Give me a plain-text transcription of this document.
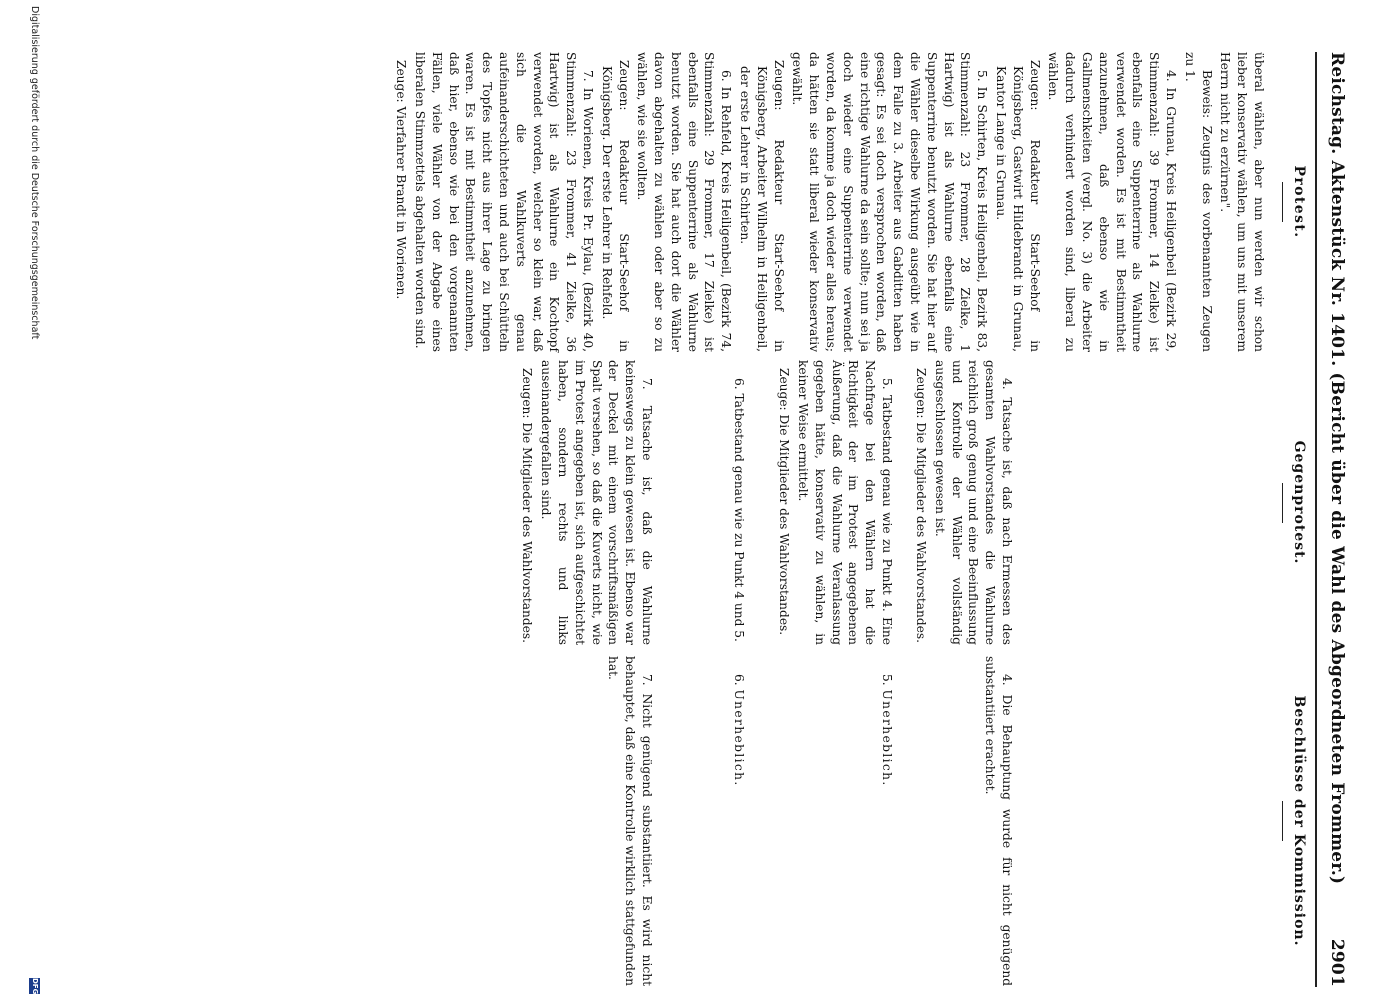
Reichstag. Aktenstück Nr. 1401. (Bericht über die Wahl des Abgeordneten Frommer.)
2901
Protest.
Gegenprotest.
Beschlüsse der Kommission.

überal wählen, aber nun werden wir schon lieber konservativ wählen, um uns mit unserem Herrn nicht zu erzürnen".

Beweis: Zeugnis des vorbenannten Zeugen zu 1.

4. In Grunau, Kreis Heiligenbeil (Bezirk 29, Stimmenzahl: 39 Frommer, 14 Zielke) ist ebenfalls eine Suppenterrine als Wahlurne verwendet worden. Es ist mit Bestimmtheit anzunehmen, daß ebenso wie in Gallmenschkeiten (vergl. No. 3) die Arbeiter dadurch verhindert worden sind, liberal zu wählen.

Zeugen: Redakteur Start-Seehof in Königsberg, Gastwirt Hildebrandt in Grunau, Kantor Lange in Grunau.

5. In Schirten, Kreis Heiligenbeil, Bezirk 83, Stimmenzahl: 23 Frommer, 28 Zielke, 1 Hartwig) ist als Wahlurne ebenfalls eine Suppenterrine benutzt worden. Sie hat hier auf die Wähler dieselbe Wirkung ausgeübt wie in dem Falle zu 3. Arbeiter aus Gabditten haben gesagt: Es sei doch versprochen worden, daß eine richtige Wahlurne da sein sollte; nun sei ja doch wieder eine Suppenterrine verwendet worden, da komme ja doch wieder alles heraus; da hätten sie statt liberal wieder konservativ gewählt.

Zeugen: Redakteur Start-Seehof in Königsberg, Arbeiter Wilhelm in Heiligenbeil, der erste Lehrer in Schirten.

6. In Rehfeld, Kreis Heiligenbeil, (Bezirk 74, Stimmenzahl: 29 Frommer, 17 Zielke) ist ebenfalls eine Suppenterrine als Wahlurne benutzt worden. Sie hat auch dort die Wähler davon abgehalten zu wählen oder aber so zu wählen, wie sie wollten.

Zeugen: Redakteur Start-Seehof in Königsberg. Der erste Lehrer in Rehfeld.

7. In Worienen, Kreis Pr. Eylau, (Bezirk 40, Stimmenzahl: 23 Frommer, 41 Zielke, 36 Hartwig) ist als Wahlurne ein Kochtopf verwendet worden, welcher so klein war, daß sich die Wahlkuverts genau aufeinanderschichteten und auch bei Schütteln des Topfes nicht aus ihrer Lage zu bringen waren. Es ist mit Bestimmtheit anzunehmen, daß hier, ebenso wie bei den vorgenannten Fällen, viele Wähler von der Abgabe eines liberalen Stimmzettels abgehalten worden sind.

Zeuge: Vierfahrer Brandt in Worienen.

4. Tatsache ist, daß nach Ermessen des gesamten Wahlvorstandes die Wahlurne reichlich groß genug und eine Beeinflussung und Kontrolle der Wähler vollständig ausgeschlossen gewesen ist.

Zeugen: Die Mitglieder des Wahlvorstandes.

5. Tatbestand genau wie zu Punkt 4. Eine Nachfrage bei den Wählern hat die Richtigkeit der im Protest angegebenen Äußerung, daß die Wahlurne Veranlassung gegeben hätte, konservativ zu wählen, in keiner Weise ermittelt.

Zeuge: Die Mitglieder des Wahlvorstandes.

6. Tatbestand genau wie zu Punkt 4 und 5.

7. Tatsache ist, daß die Wahlurne keineswegs zu klein gewesen ist. Ebenso war der Deckel mit einem vorschriftsmäßigen Spalt versehen, so daß die Kuverts nicht, wie im Protest angegeben ist, sich aufgeschichtet haben, sondern rechts und links auseinandergefallen sind.

Zeugen: Die Mitglieder des Wahlvorstandes.

4. Die Behauptung wurde für nicht genügend substantiiert erachtet.

5. Unerheblich.

6. Unerheblich.

7. Nicht genügend substantiiert. Es wird nicht behauptet, daß eine Kontrolle wirklich stattgefunden hat.

Digitalisierung gefördert durch die Deutsche Forschungsgemeinschaft
DFG
